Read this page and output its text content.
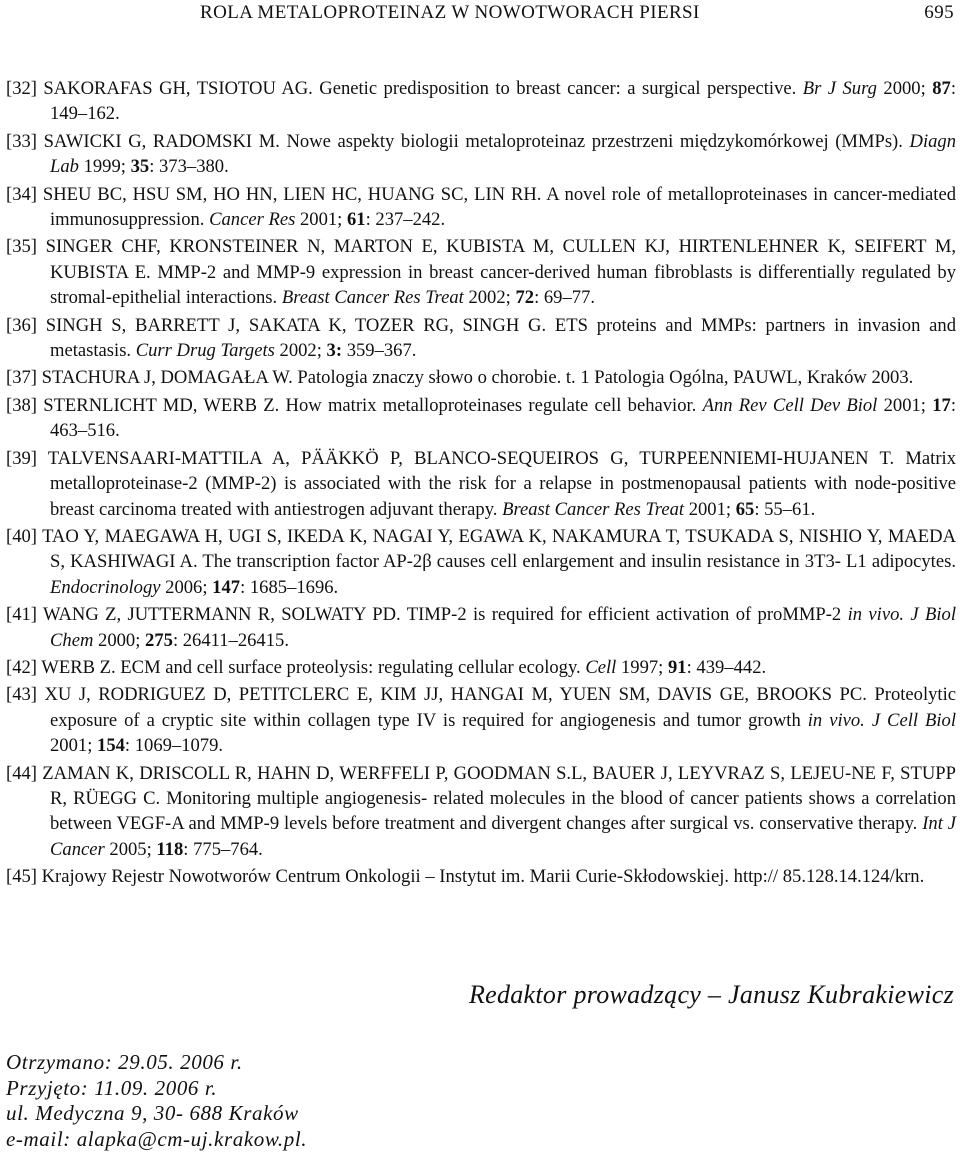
ROLA METALOPROTEINAZ W NOWOTWORACH PIERSI	695

[32] SAKORAFAS GH, TSIOTOU AG. Genetic predisposition to breast cancer: a surgical perspective. Br J Surg 2000; 87: 149–162.

[33] SAWICKI G, RADOMSKI M. Nowe aspekty biologii metaloproteinaz przestrzeni międzykomórkowej (MMPs). Diagn Lab 1999; 35: 373–380.

[34] SHEU BC, HSU SM, HO HN, LIEN HC, HUANG SC, LIN RH. A novel role of metalloproteinases in cancer-mediated immunosuppression. Cancer Res 2001; 61: 237–242.

[35] SINGER CHF, KRONSTEINER N, MARTON E, KUBISTA M, CULLEN KJ, HIRTENLEHNER K, SEIFERT M, KUBISTA E. MMP-2 and MMP-9 expression in breast cancer-derived human fibroblasts is differentially regulated by stromal-epithelial interactions. Breast Cancer Res Treat 2002; 72: 69–77.

[36] SINGH S, BARRETT J, SAKATA K, TOZER RG, SINGH G. ETS proteins and MMPs: partners in invasion and metastasis. Curr Drug Targets 2002; 3: 359–367.

[37] STACHURA J, DOMAGAŁA W. Patologia znaczy słowo o chorobie. t. 1 Patologia Ogólna, PAUWL, Kraków 2003.

[38] STERNLICHT MD, WERB Z. How matrix metalloproteinases regulate cell behavior. Ann Rev Cell Dev Biol 2001; 17: 463–516.

[39] TALVENSAARI-MATTILA A, PÄÄKKÖ P, BLANCO-SEQUEIROS G, TURPEENNIEMI-HUJANEN T. Matrix metalloproteinase-2 (MMP-2) is associated with the risk for a relapse in postmenopausal patients with node-positive breast carcinoma treated with antiestrogen adjuvant therapy. Breast Cancer Res Treat 2001; 65: 55–61.

[40] TAO Y, MAEGAWA H, UGI S, IKEDA K, NAGAI Y, EGAWA K, NAKAMURA T, TSUKADA S, NISHIO Y, MAEDA S, KASHIWAGI A. The transcription factor AP-2β causes cell enlargement and insulin resistance in 3T3- L1 adipocytes. Endocrinology 2006; 147: 1685–1696.

[41] WANG Z, JUTTERMANN R, SOLWATY PD. TIMP-2 is required for efficient activation of proMMP-2 in vivo. J Biol Chem 2000; 275: 26411–26415.

[42] WERB Z. ECM and cell surface proteolysis: regulating cellular ecology. Cell 1997; 91: 439–442.

[43] XU J, RODRIGUEZ D, PETITCLERC E, KIM JJ, HANGAI M, YUEN SM, DAVIS GE, BROOKS PC. Proteolytic exposure of a cryptic site within collagen type IV is required for angiogenesis and tumor growth in vivo. J Cell Biol 2001; 154: 1069–1079.

[44] ZAMAN K, DRISCOLL R, HAHN D, WERFFELI P, GOODMAN S.L, BAUER J, LEYVRAZ S, LEJEU-NE F, STUPP R, RÜEGG C. Monitoring multiple angiogenesis- related molecules in the blood of cancer patients shows a correlation between VEGF-A and MMP-9 levels before treatment and divergent changes after surgical vs. conservative therapy. Int J Cancer 2005; 118: 775–764.

[45] Krajowy Rejestr Nowotworów Centrum Onkologii – Instytut im. Marii Curie-Skłodowskiej. http:// 85.128.14.124/krn.

Redaktor prowadzący – Janusz Kubrakiewicz
Otrzymano: 29.05. 2006 r.
Przyjęto: 11.09. 2006 r.
ul. Medyczna 9, 30- 688 Kraków
e-mail: alapka@cm-uj.krakow.pl.
